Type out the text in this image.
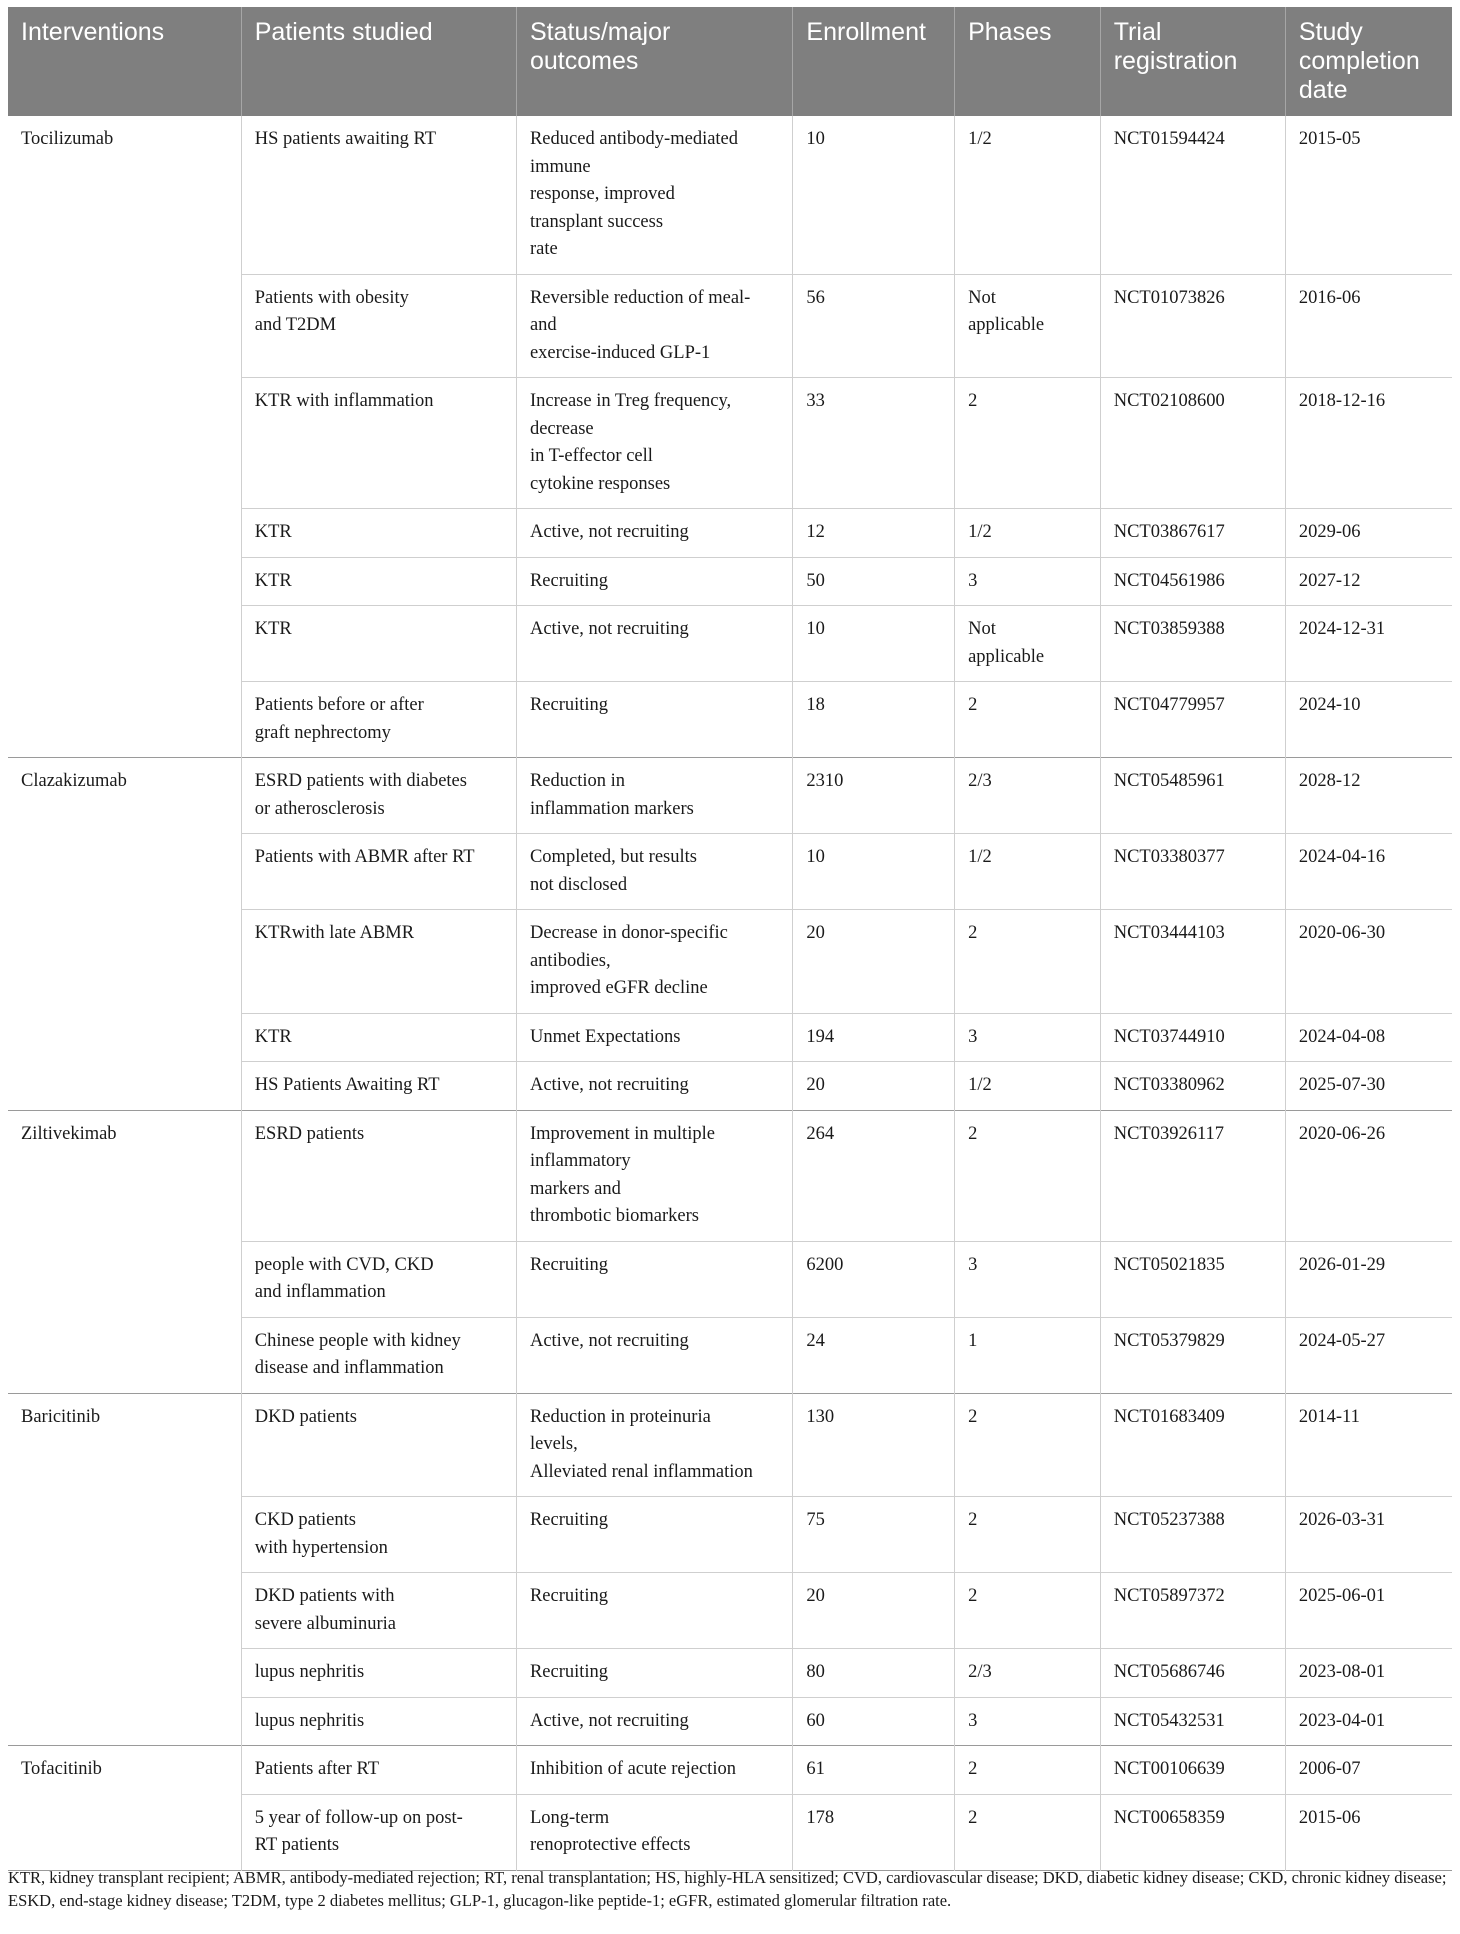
Interventions	Patients studied	Status/major
outcomes	Enrollment	Phases	Trial
registration	Study
completion
date

Tocilizumab	HS patients awaiting RT	Reduced antibody-mediated
immune
response, improved
transplant success
rate	10	1/2	NCT01594424	2015-05

	Patients with obesity
and T2DM	Reversible reduction of meal-
and
exercise-induced GLP-1	56	Not
applicable	NCT01073826	2016-06

	KTR with inflammation	Increase in Treg frequency,
decrease
in T-effector cell
cytokine responses	33	2	NCT02108600	2018-12-16

	KTR	Active, not recruiting	12	1/2	NCT03867617	2029-06

	KTR	Recruiting	50	3	NCT04561986	2027-12

	KTR	Active, not recruiting	10	Not
applicable	NCT03859388	2024-12-31

	Patients before or after
graft nephrectomy	Recruiting	18	2	NCT04779957	2024-10
Clazakizumab	ESRD patients with diabetes
or atherosclerosis	Reduction in
inflammation markers	2310	2/3	NCT05485961	2028-12

	Patients with ABMR after RT	Completed, but results
not disclosed	10	1/2	NCT03380377	2024-04-16

	KTRwith late ABMR	Decrease in donor-specific
antibodies,
improved eGFR decline	20	2	NCT03444103	2020-06-30

	KTR	Unmet Expectations	194	3	NCT03744910	2024-04-08

	HS Patients Awaiting RT	Active, not recruiting	20	1/2	NCT03380962	2025-07-30
Ziltivekimab	ESRD patients	Improvement in multiple
inflammatory
markers and
thrombotic biomarkers	264	2	NCT03926117	2020-06-26

	people with CVD, CKD
and inflammation	Recruiting	6200	3	NCT05021835	2026-01-29

	Chinese people with kidney
disease and inflammation	Active, not recruiting	24	1	NCT05379829	2024-05-27
Baricitinib	DKD patients	Reduction in proteinuria
levels,
Alleviated renal inflammation	130	2	NCT01683409	2014-11

	CKD patients
with hypertension	Recruiting	75	2	NCT05237388	2026-03-31

	DKD patients with
severe albuminuria	Recruiting	20	2	NCT05897372	2025-06-01

	lupus nephritis	Recruiting	80	2/3	NCT05686746	2023-08-01

	lupus nephritis	Active, not recruiting	60	3	NCT05432531	2023-04-01
Tofacitinib	Patients after RT	Inhibition of acute rejection	61	2	NCT00106639	2006-07

	5 year of follow-up on post-
RT patients	Long-term
renoprotective effects	178	2	NCT00658359	2015-06

KTR, kidney transplant recipient; ABMR, antibody-mediated rejection; RT, renal transplantation; HS, highly-HLA sensitized; CVD, cardiovascular disease; DKD, diabetic kidney disease; CKD, chronic kidney disease; ESKD, end-stage kidney disease; T2DM, type 2 diabetes mellitus; GLP-1, glucagon-like peptide-1; eGFR, estimated glomerular filtration rate.
